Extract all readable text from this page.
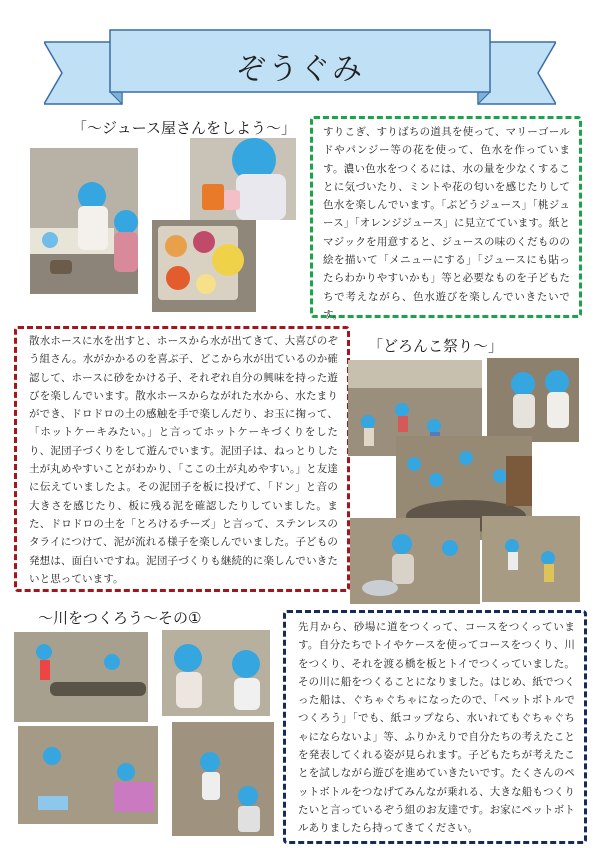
ぞうぐみ
「～ジュース屋さんをしよう～」	すりこぎ、すりばちの道具を使って、マリーゴールドやパンジー等の花を使って、色水を作っています。濃い色水をつくるには、水の量を少なくすることに気づいたり、ミントや花の匂いを感じたりして色水を楽しんでいます。「ぶどうジュース」「桃ジュース」「オレンジジュース」に見立てています。紙とマジックを用意すると、ジュースの味のくだものの絵を描いて「メニューにする」「ジュースにも貼ったらわかりやすいかも」等と必要なものを子どもたちで考えながら、色水遊びを楽しんでいきたいです。

「どろんこ祭り～」

散水ホースに水を出すと、ホースから水が出てきて、大喜びのぞう組さん。水がかかるのを喜ぶ子、どこから水が出ているのか確認して、ホースに砂をかける子、それぞれ自分の興味を持った遊びを楽しんでいます。散水ホースからながれた水から、水たまりができ、ドロドロの土の感触を手で楽しんだり、お玉に掬って、「ホットケーキみたい。」と言ってホットケーキづくりをしたり、泥団子づくりをして遊んでいます。泥団子は、ねっとりした土が丸めやすいことがわかり、「ここの土が丸めやすい。」と友達に伝えていましたよ。その泥団子を板に投げて、「ドン」と音の大きさを感じたり、板に残る泥を確認したりしていました。また、ドロドロの土を「とろけるチーズ」と言って、ステンレスのタライにつけて、泥が流れる様子を楽しんでいました。子どもの発想は、面白いですね。泥団子づくりも継続的に楽しんでいきたいと思っています。

～川をつくろう～その①	先月から、砂場に道をつくって、コースをつくっています。自分たちでトイやケースを使ってコースをつくり、川をつくり、それを渡る橋を板とトイでつくっていました。その川に船をつくることになりました。はじめ、紙でつくった船は、ぐちゃぐちゃになったので、「ペットボトルでつくろう」「でも、紙コップなら、水いれてもぐちゃぐちゃにならないよ」等、ふりかえりで自分たちの考えたことを発表してくれる姿が見られます。子どもたちが考えたことを試しながら遊びを進めていきたいです。たくさんのペットボトルをつなげてみんなが乗れる、大きな船もつくりたいと言っているぞう組のお友達です。お家にペットボトルありましたら持ってきてください。
